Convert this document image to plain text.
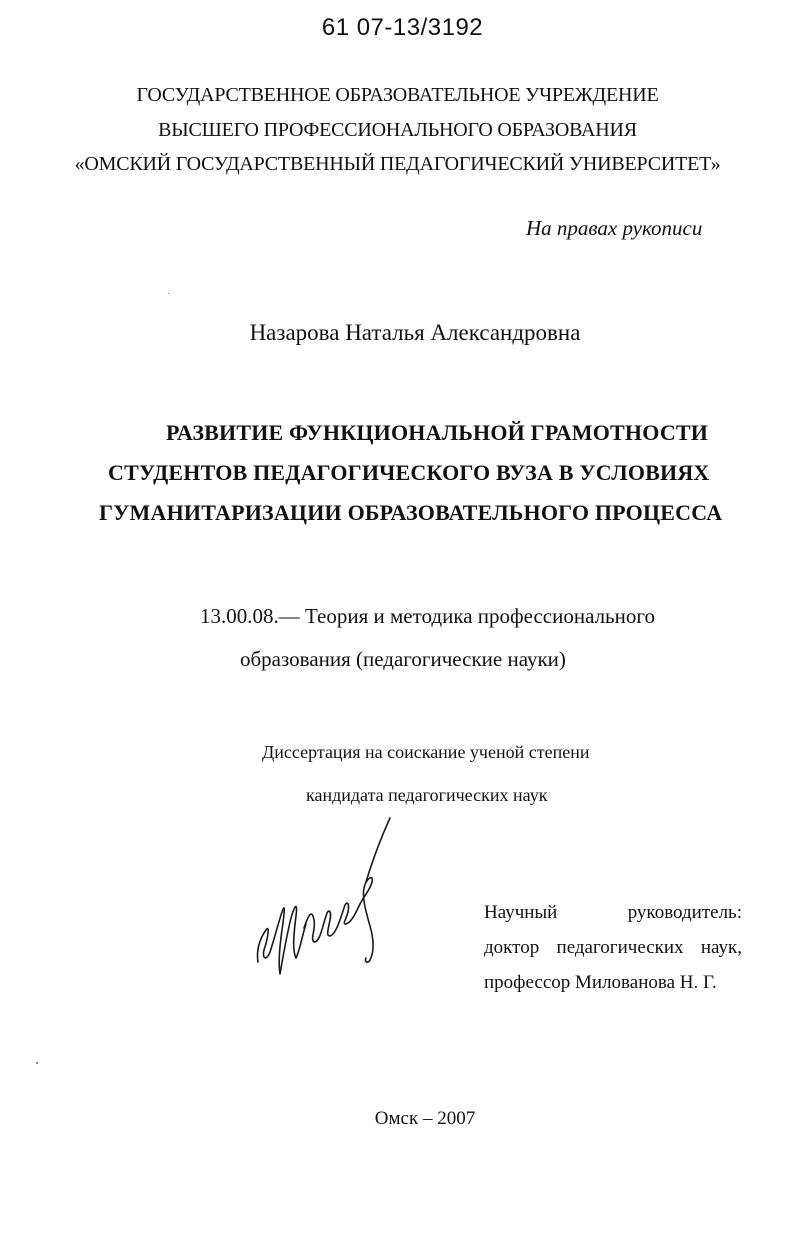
61 07-13/3192
ГОСУДАРСТВЕННОЕ ОБРАЗОВАТЕЛЬНОЕ УЧРЕЖДЕНИЕ
ВЫСШЕГО ПРОФЕССИОНАЛЬНОГО ОБРАЗОВАНИЯ
«ОМСКИЙ ГОСУДАРСТВЕННЫЙ ПЕДАГОГИЧЕСКИЙ УНИВЕРСИТЕТ»
На правах рукописи
Назарова Наталья Александровна
РАЗВИТИЕ ФУНКЦИОНАЛЬНОЙ ГРАМОТНОСТИ
СТУДЕНТОВ ПЕДАГОГИЧЕСКОГО ВУЗА В УСЛОВИЯХ
ГУМАНИТАРИЗАЦИИ ОБРАЗОВАТЕЛЬНОГО ПРОЦЕССА
13.00.08.— Теория и методика профессионального
образования (педагогические науки)
Диссертация на соискание ученой степени
кандидата педагогических наук
Научный	руководитель:
доктор педагогических наук,
профессор Милованова Н. Г.
Омск – 2007
